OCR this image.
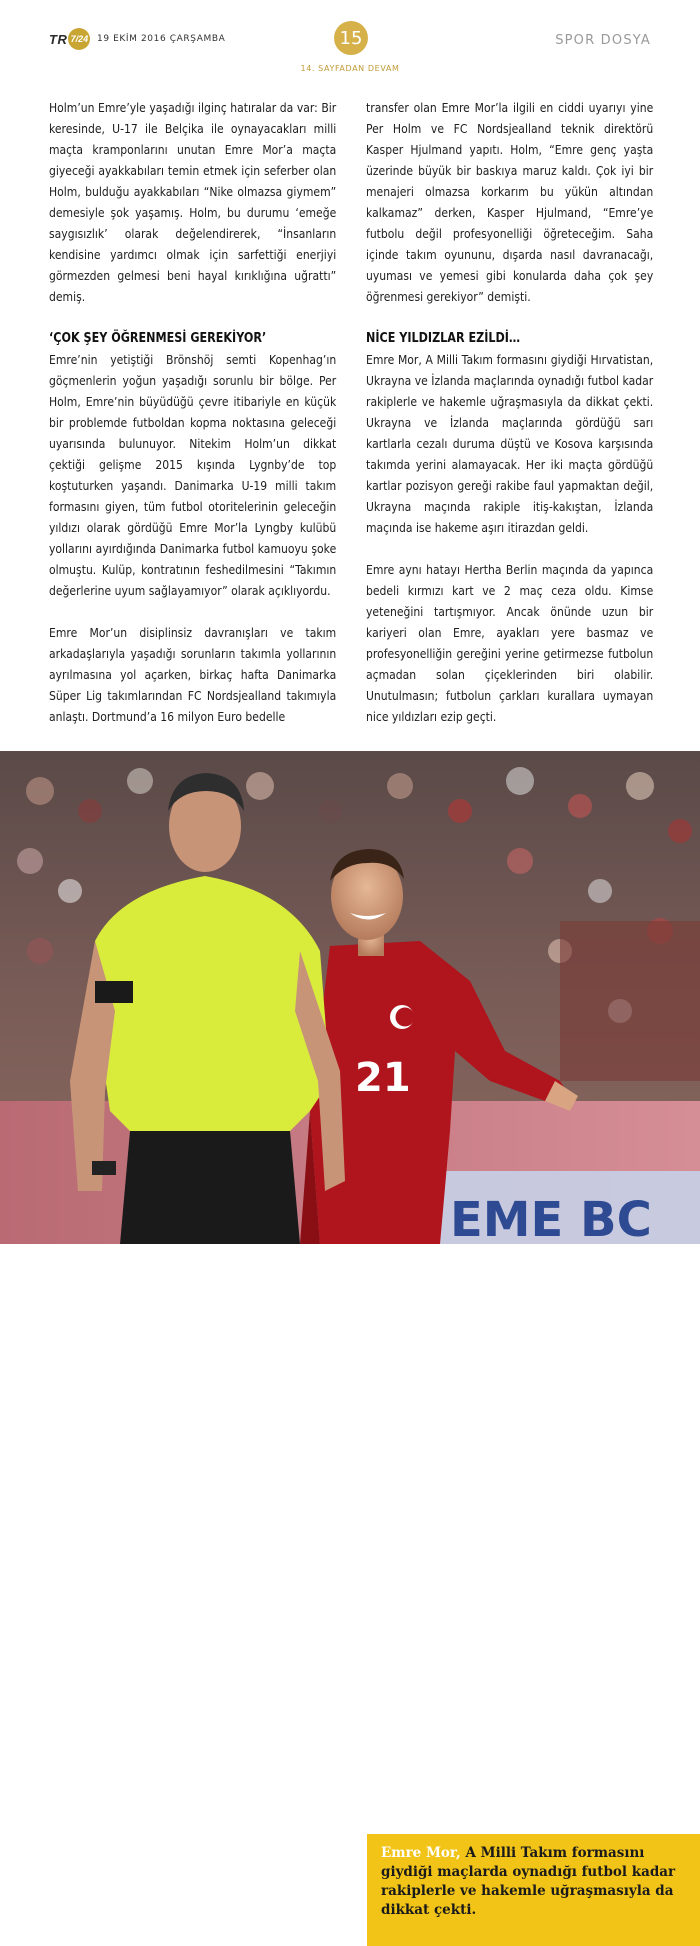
TR 7/24 19 EKİM 2016 ÇARŞAMBA	15
14. SAYFADAN DEVAM
SPOR DOSYA

Holm’un Emre’yle yaşadığı ilginç hatıralar da var: Bir keresinde, U-17 ile Belçika ile oynayacakları milli maçta kramponlarını unutan Emre Mor’a maçta giyeceği ayakkabıları temin etmek için seferber olan Holm, bulduğu ayakkabıları “Nike olmazsa giymem” demesiyle şok yaşamış. Holm, bu durumu ‘emeğe saygısızlık’ olarak değelendirerek, “İnsanların kendisine yardımcı olmak için sarfettiği enerjiyi görmezden gelmesi beni hayal kırıklığına uğrattı” demiş.

‘ÇOK ŞEY ÖĞRENMESİ GEREKİYOR’

Emre’nin yetiştiği Brönshöj semti Kopenhag’ın göçmenlerin yoğun yaşadığı sorunlu bir bölge. Per Holm, Emre’nin büyüdüğü çevre itibariyle en küçük bir problemde futboldan kopma noktasına geleceği uyarısında bulunuyor. Nitekim Holm’un dikkat çektiği gelişme 2015 kışında Lygnby’de top koştuturken yaşandı. Danimarka U-19 milli takım formasını giyen, tüm futbol otoritelerinin geleceğin yıldızı olarak gördüğü Emre Mor’la Lyngby kulübü yollarını ayırdığında Danimarka futbol kamuoyu şoke olmuştu. Kulüp, kontratının feshedilmesini “Takımın değerlerine uyum sağlayamıyor” olarak açıklıyordu.

Emre Mor’un disiplinsiz davranışları ve takım arkadaşlarıyla yaşadığı sorunların takımla yollarının ayrılmasına yol açarken, birkaç hafta Danimarka Süper Lig takımlarından FC Nordsjealland takımıyla anlaştı. Dortmund’a 16 milyon Euro bedelle

transfer olan Emre Mor’la ilgili en ciddi uyarıyı yine Per Holm ve FC Nordsjealland teknik direktörü Kasper Hjulmand yapıtı. Holm, “Emre genç yaşta üzerinde büyük bir baskıya maruz kaldı. Çok iyi bir menajeri olmazsa korkarım bu yükün altından kalkamaz” derken, Kasper Hjulmand, “Emre’ye futbolu değil profesyonelliği öğreteceğim. Saha içinde takım oyununu, dışarda nasıl davranacağı, uyuması ve yemesi gibi konularda daha çok şey öğrenmesi gerekiyor” demişti.

NİCE YILDIZLAR EZİLDİ…

Emre Mor, A Milli Takım formasını giydiği Hırvatistan, Ukrayna ve İzlanda maçlarında oynadığı futbol kadar rakiplerle ve hakemle uğraşmasıyla da dikkat çekti. Ukrayna ve İzlanda maçlarında gördüğü sarı kartlarla cezalı duruma düştü ve Kosova karşısında takımda yerini alamayacak. Her iki maçta gördüğü kartlar pozisyon gereği rakibe faul yapmaktan değil, Ukrayna maçında rakiple itiş-kakıştan, İzlanda maçında ise hakeme aşırı itirazdan geldi.

Emre aynı hatayı Hertha Berlin maçında da yapınca bedeli kırmızı kart ve 2 maç ceza oldu. Kimse yeteneğini tartışmıyor. Ancak önünde uzun bir kariyeri olan Emre, ayakları yere basmaz ve profesyonelliğin gereğini yerine getirmezse futbolun açmadan solan çiçeklerinden biri olabilir. Unutulmasın; futbolun çarkları kurallara uymayan nice yıldızları ezip geçti.

EME BC
21
Emre Mor, A Milli Takım formasını giydiği maçlarda oynadığı futbol kadar rakiplerle ve hakemle uğraşmasıyla da dikkat çekti.
